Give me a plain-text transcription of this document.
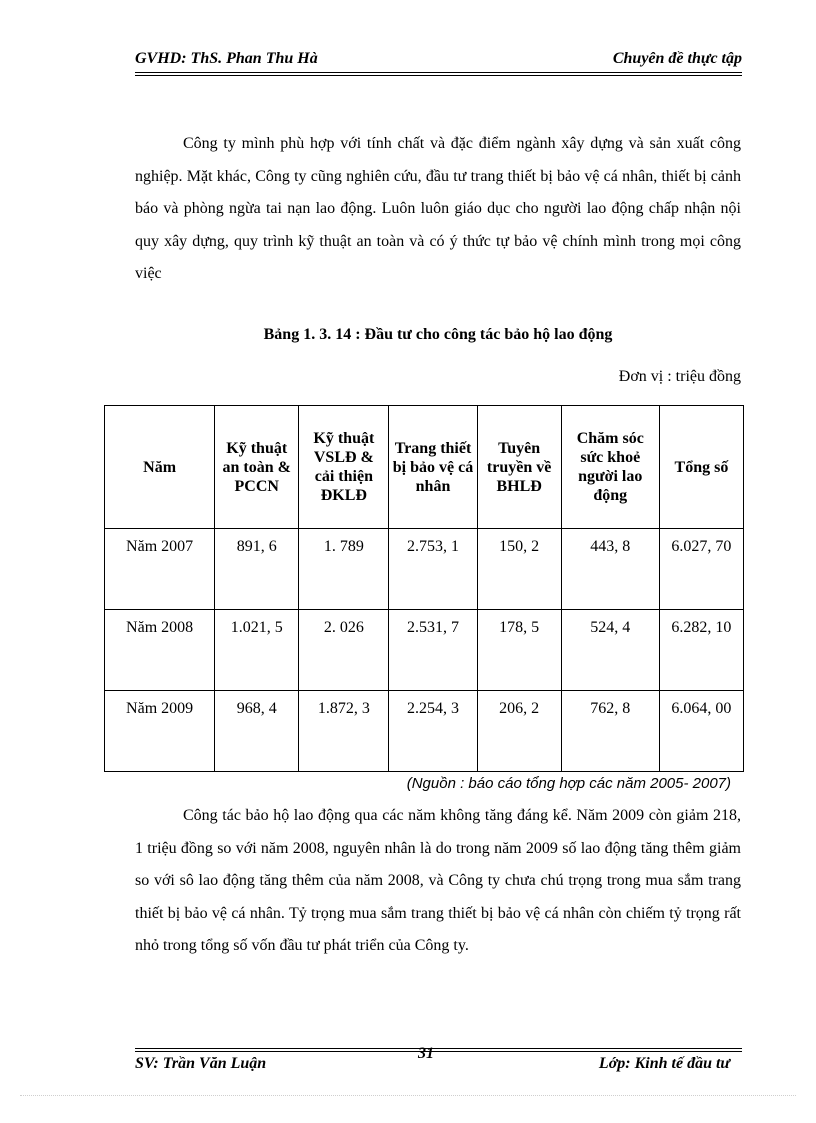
GVHD: ThS. Phan Thu Hà	Chuyên đề thực tập

Công ty mình phù hợp với tính chất và đặc điểm ngành xây dựng và sản xuất công nghiệp. Mặt khác, Công ty cũng nghiên cứu, đầu tư trang thiết bị bảo vệ cá nhân, thiết bị cảnh báo và phòng ngừa tai nạn lao động. Luôn luôn giáo dục cho người lao động chấp nhận nội quy xây dựng, quy trình kỹ thuật an toàn và có ý thức tự bảo vệ chính mình trong mọi công việc

Bảng 1. 3. 14 : Đầu tư cho công tác bảo hộ lao động
Đơn vị : triệu đồng
Năm	Kỹ thuật an toàn & PCCN	Kỹ thuật VSLĐ & cải thiện ĐKLĐ	Trang thiết bị bảo vệ cá nhân	Tuyên truyền về BHLĐ	Chăm sóc sức khoẻ người lao động	Tổng số
Năm 2007	891, 6	1. 789	2.753, 1	150, 2	443, 8	6.027, 70
Năm 2008	1.021, 5	2. 026	2.531, 7	178, 5	524, 4	6.282, 10
Năm 2009	968, 4	1.872, 3	2.254, 3	206, 2	762, 8	6.064, 00
(Nguồn : báo cáo tổng hợp các năm 2005- 2007)

Công tác bảo hộ lao động qua các năm không tăng đáng kể. Năm 2009 còn giảm 218, 1 triệu đồng so với năm 2008, nguyên nhân là do trong năm 2009 số lao động tăng thêm giảm so với sô lao động tăng thêm của năm 2008, và Công ty chưa chú trọng trong mua sắm trang thiết bị bảo vệ cá nhân. Tỷ trọng mua sắm trang thiết bị bảo vệ cá nhân còn chiếm tỷ trọng rất nhỏ trong tổng số vốn đầu tư phát triển của Công ty.

SV: Trần Văn Luận
31
Lớp: Kinh tế đầu tư
